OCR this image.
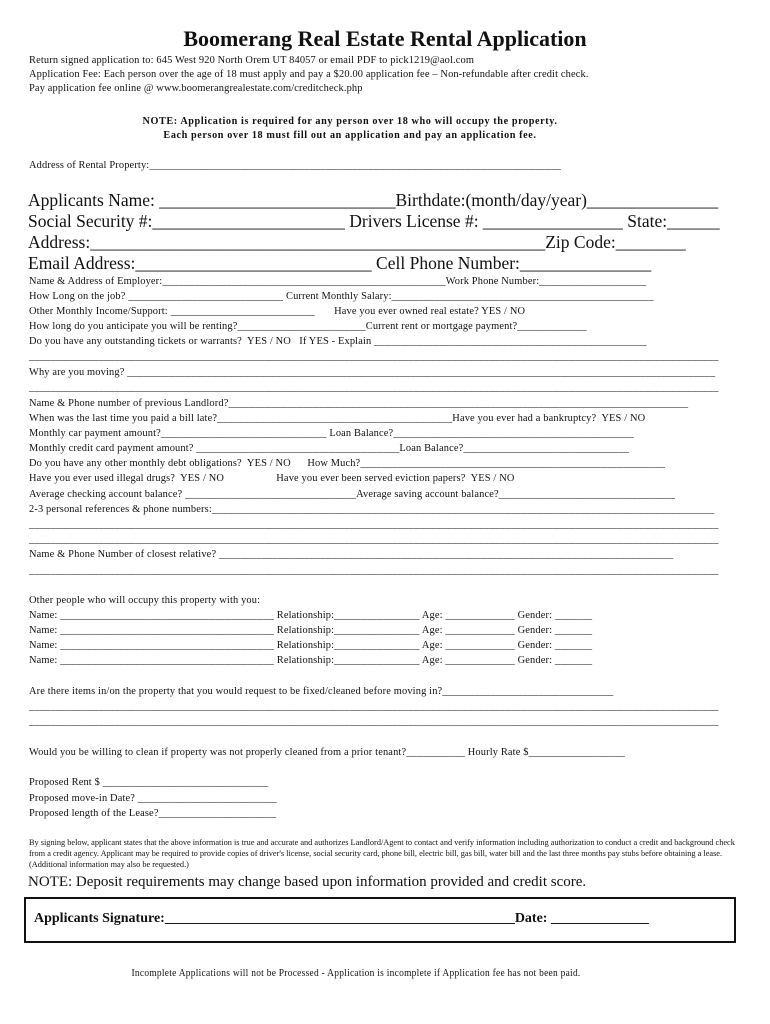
Boomerang Real Estate Rental Application
Return signed application to: 645 West 920 North Orem UT 84057 or email PDF to pick1219@aol.com
Application Fee: Each person over the age of 18 must apply and pay a $20.00 application fee – Non-refundable after credit check.
Pay application fee online @ www.boomerangrealestate.com/creditcheck.php
NOTE: Application is required for any person over 18 who will occupy the property.
Each person over 18 must fill out an application and pay an application fee.
Address of Rental Property:_____________________________________________________________________________
Applicants Name: ___________________________Birthdate:(month/day/year)_______________
Social Security #:______________________ Drivers License #: ________________ State:______
Address:____________________________________________________Zip Code:________
Email Address:___________________________ Cell Phone Number:_______________
Name & Address of Employer:_____________________________________________________Work Phone Number:____________________
How Long on the job? _____________________________ Current Monthly Salary:_________________________________________________
Other Monthly Income/Support: ___________________________       Have you ever owned real estate? YES / NO
How long do you anticipate you will be renting?________________________Current rent or mortgage payment?_____________
Do you have any outstanding tickets or warrants?  YES / NO   If YES - Explain ___________________________________________________
_________________________________________________________________________________________________________________________________
Why are you moving? ______________________________________________________________________________________________________________
_________________________________________________________________________________________________________________________________
Name & Phone number of previous Landlord?______________________________________________________________________________________
When was the last time you paid a bill late?____________________________________________Have you ever had a bankruptcy?  YES / NO
Monthly car payment amount?_______________________________ Loan Balance?_____________________________________________
Monthly credit card payment amount? ______________________________________Loan Balance?_______________________________
Do you have any other monthly debt obligations?  YES / NO      How Much?_________________________________________________________
Have you ever used illegal drugs?  YES / NO                   Have you ever been served eviction papers?  YES / NO
Average checking account balance? ________________________________Average saving account balance?_________________________________
2-3 personal references & phone numbers:______________________________________________________________________________________________
_________________________________________________________________________________________________________________________________
_________________________________________________________________________________________________________________________________
Name & Phone Number of closest relative? _____________________________________________________________________________________
_________________________________________________________________________________________________________________________________
Other people who will occupy this property with you:
Name: ________________________________________ Relationship:________________ Age: _____________ Gender: _______
Name: ________________________________________ Relationship:________________ Age: _____________ Gender: _______
Name: ________________________________________ Relationship:________________ Age: _____________ Gender: _______
Name: ________________________________________ Relationship:________________ Age: _____________ Gender: _______
Are there items in/on the property that you would request to be fixed/cleaned before moving in?________________________________
_________________________________________________________________________________________________________________________________
_________________________________________________________________________________________________________________________________
Would you be willing to clean if property was not properly cleaned from a prior tenant?___________ Hourly Rate $__________________
Proposed Rent $ _______________________________
Proposed move-in Date? __________________________
Proposed length of the Lease?______________________
By signing below, applicant states that the above information is true and accurate and authorizes Landlord/Agent to contact and verify information including authorization to conduct a credit and background check from a credit agency. Applicant may be required to provide copies of driver's license, social security card, phone bill, electric bill, gas bill, water bill and the last three months pay stubs before obtaining a lease. (Additional information may also be requested.)
NOTE: Deposit requirements may change based upon information provided and credit score.
Applicants Signature:__________________________________________________Date: ______________
Incomplete Applications will not be Processed - Application is incomplete if Application fee has not been paid.
